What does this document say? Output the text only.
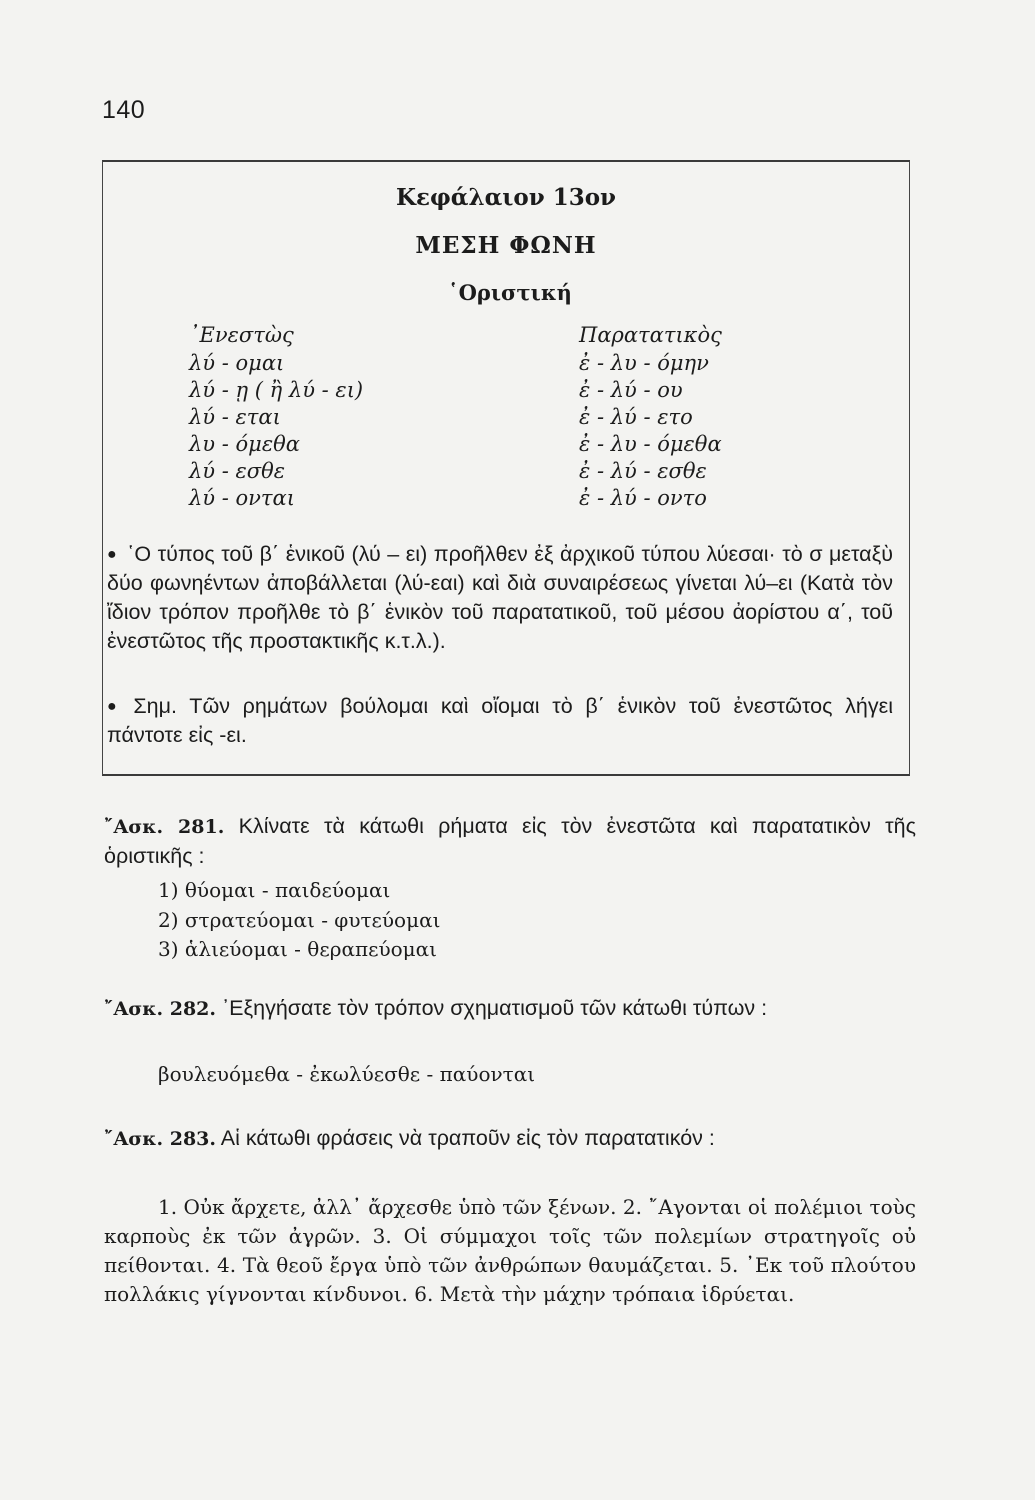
140
Κεφάλαιον 13ον
ΜΕΣΗ ΦΩΝΗ
῾Οριστική
᾿Ενεστὼς
λύ - ομαι
λύ - ῃ ( ἢ λύ - ει)
λύ - εται
λυ - όμεθα
λύ - εσθε
λύ - ονται
Παρατατικὸς
ἐ - λυ - όμην
ἐ - λύ - ου
ἐ - λύ - ετο
ἐ - λυ - όμεθα
ἐ - λύ - εσθε
ἐ - λύ - οντο
● ῾Ο τύπος τοῦ β΄ ἑνικοῦ (λύ – ει) προῆλθεν ἐξ ἀρχικοῦ τύπου λύεσαι· τὸ σ μεταξὺ δύο φωνηέντων ἀποβάλλεται (λύ-εαι) καὶ διὰ συναιρέσεως γίνεται λύ–ει (Κατὰ τὸν ἴδιον τρόπον προῆλθε τὸ β΄ ἑνικὸν τοῦ παρατατικοῦ, τοῦ μέσου ἀορίστου α΄, τοῦ ἐνεστῶτος τῆς προστακτικῆς κ.τ.λ.).
● Σημ. Τῶν ρημάτων βούλομαι καὶ οἴομαι τὸ β΄ ἑνικὸν τοῦ ἐνεστῶτος λήγει πάντοτε εἰς -ει.
῎Ασκ. 281. Κλίνατε τὰ κάτωθι ρήματα εἰς τὸν ἐνεστῶτα καὶ παρατατικὸν τῆς ὁριστικῆς :
1) θύομαι - παιδεύομαι
2) στρατεύομαι - φυτεύομαι
3) ἁλιεύομαι - θεραπεύομαι
῎Ασκ. 282. ᾿Εξηγήσατε τὸν τρόπον σχηματισμοῦ τῶν κάτωθι τύπων :
βουλευόμεθα - ἐκωλύεσθε - παύονται
῎Ασκ. 283. Αἱ κάτωθι φράσεις νὰ τραποῦν εἰς τὸν παρατατικόν :
1. Οὐκ ἄρχετε, ἀλλ᾿ ἄρχεσθε ὑπὸ τῶν ξένων. 2. ῎Αγονται οἱ πολέμιοι τοὺς καρποὺς ἐκ τῶν ἀγρῶν. 3. Οἱ σύμμαχοι τοῖς τῶν πολεμίων στρατηγοῖς οὐ πείθονται. 4. Τὰ θεοῦ ἔργα ὑπὸ τῶν ἀνθρώπων θαυμάζεται. 5. ᾿Εκ τοῦ πλούτου πολλάκις γίγνονται κίνδυνοι. 6. Μετὰ τὴν μάχην τρόπαια ἱδρύεται.
